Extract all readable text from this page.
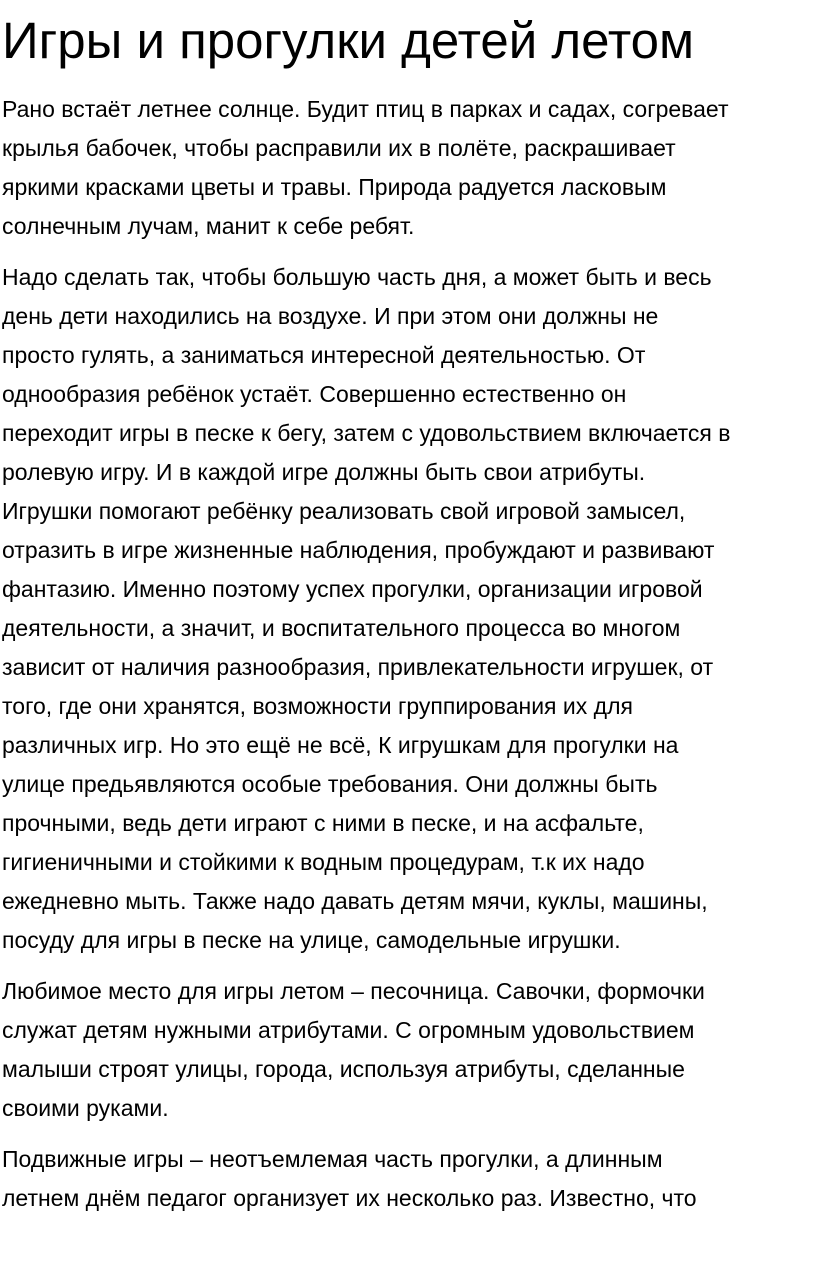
Игры и прогулки детей летом

Рано встаёт летнее солнце. Будит птиц в парках и садах, согревает
крылья бабочек, чтобы расправили их в полёте, раскрашивает
яркими красками цветы и травы. Природа радуется ласковым
солнечным лучам, манит к себе ребят.

Надо сделать так, чтобы большую часть дня, а может быть и весь
день дети находились на воздухе. И при этом они должны не
просто гулять, а заниматься интересной деятельностью. От
однообразия ребёнок устаёт. Совершенно естественно он
переходит игры в песке к бегу, затем с удовольствием включается в
ролевую игру. И в каждой игре должны быть свои атрибуты.
Игрушки помогают ребёнку реализовать свой игровой замысел,
отразить в игре жизненные наблюдения, пробуждают и развивают
фантазию. Именно поэтому успех прогулки, организации игровой
деятельности, а значит, и воспитательного процесса во многом
зависит от наличия разнообразия, привлекательности игрушек, от
того, где они хранятся, возможности группирования их для
различных игр. Но это ещё не всё, К игрушкам для прогулки на
улице предьявляются особые требования. Они должны быть
прочными, ведь дети играют с ними в песке, и на асфальте,
гигиеничными и стойкими к водным процедурам, т.к их надо
ежедневно мыть. Также надо давать детям мячи, куклы, машины,
посуду для игры в песке на улице, самодельные игрушки.

Любимое место для игры летом – песочница. Савочки, формочки
служат детям нужными атрибутами. С огромным удовольствием
малыши строят улицы, города, используя атрибуты, сделанные
своими руками.

Подвижные игры – неотъемлемая часть прогулки, а длинным
летнем днём педагог организует их несколько раз. Известно, что
